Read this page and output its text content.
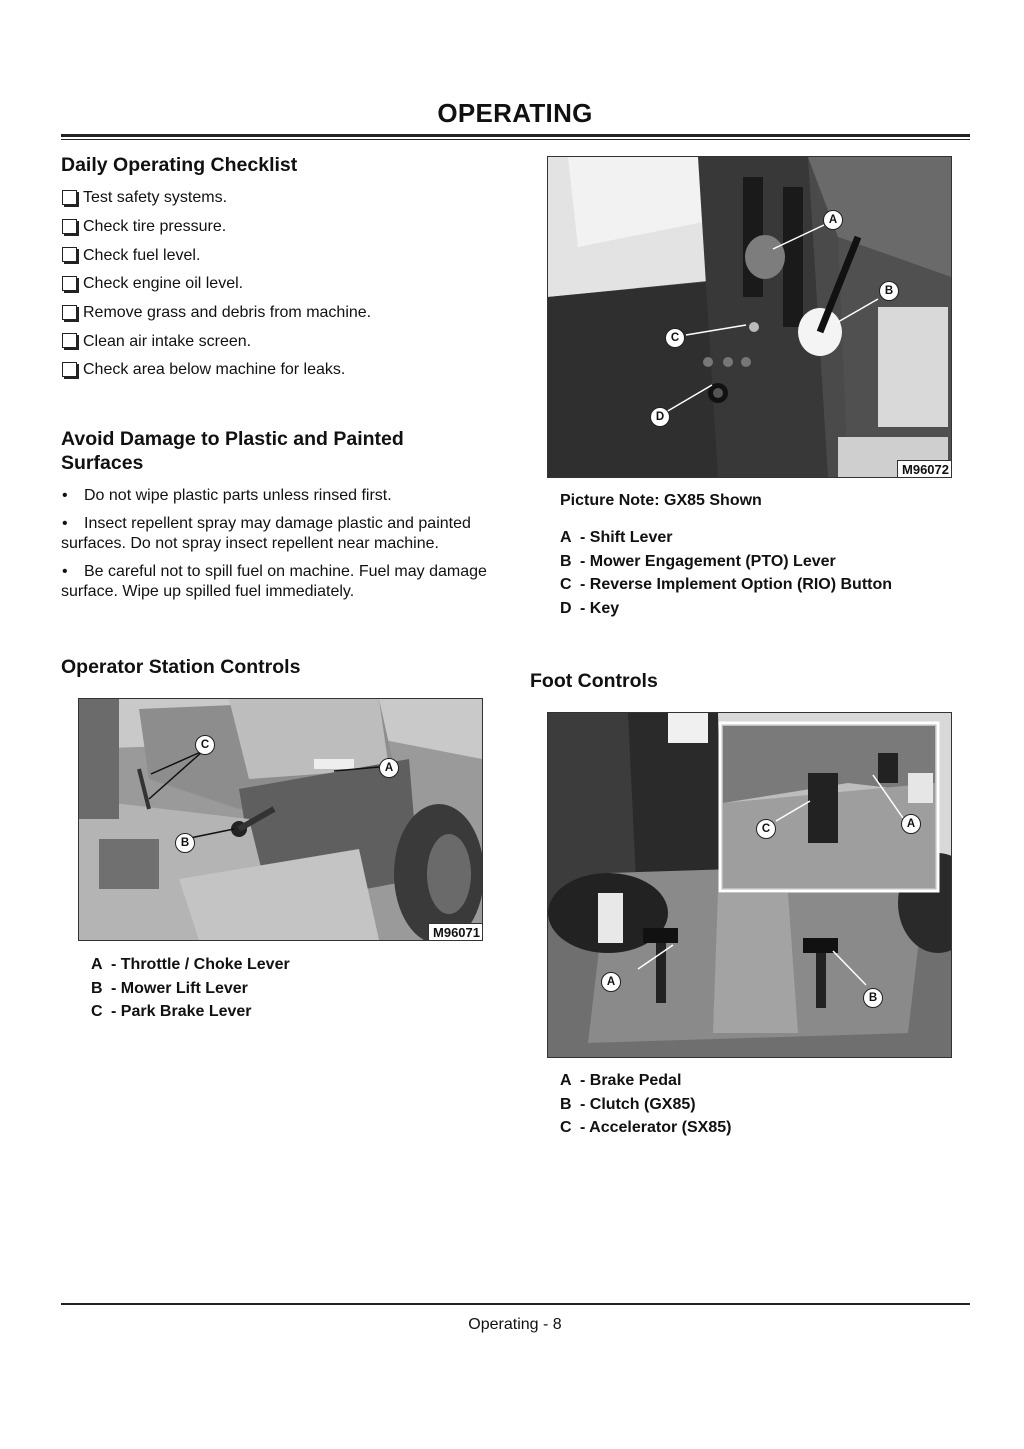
OPERATING
Daily Operating Checklist
Test safety systems.
Check tire pressure.
Check fuel level.
Check engine oil level.
Remove grass and debris from machine.
Clean air intake screen.
Check area below machine for leaks.
Avoid Damage to Plastic and Painted
Surfaces
• Do not wipe plastic parts unless rinsed first.
• Insect repellent spray may damage plastic and painted surfaces. Do not spray insect repellent near machine.
• Be careful not to spill fuel on machine. Fuel may damage surface. Wipe up spilled fuel immediately.
Operator Station Controls
C
A
B
M96071
A - Throttle / Choke Lever
B - Mower Lift Lever
C - Park Brake Lever
A
B
C
D
M96072
Picture Note: GX85 Shown
A - Shift Lever
B - Mower Engagement (PTO) Lever
C - Reverse Implement Option (RIO) Button
D - Key
Foot Controls
C	A
A
B
A - Brake Pedal
B - Clutch (GX85)
C - Accelerator (SX85)
Operating - 8
